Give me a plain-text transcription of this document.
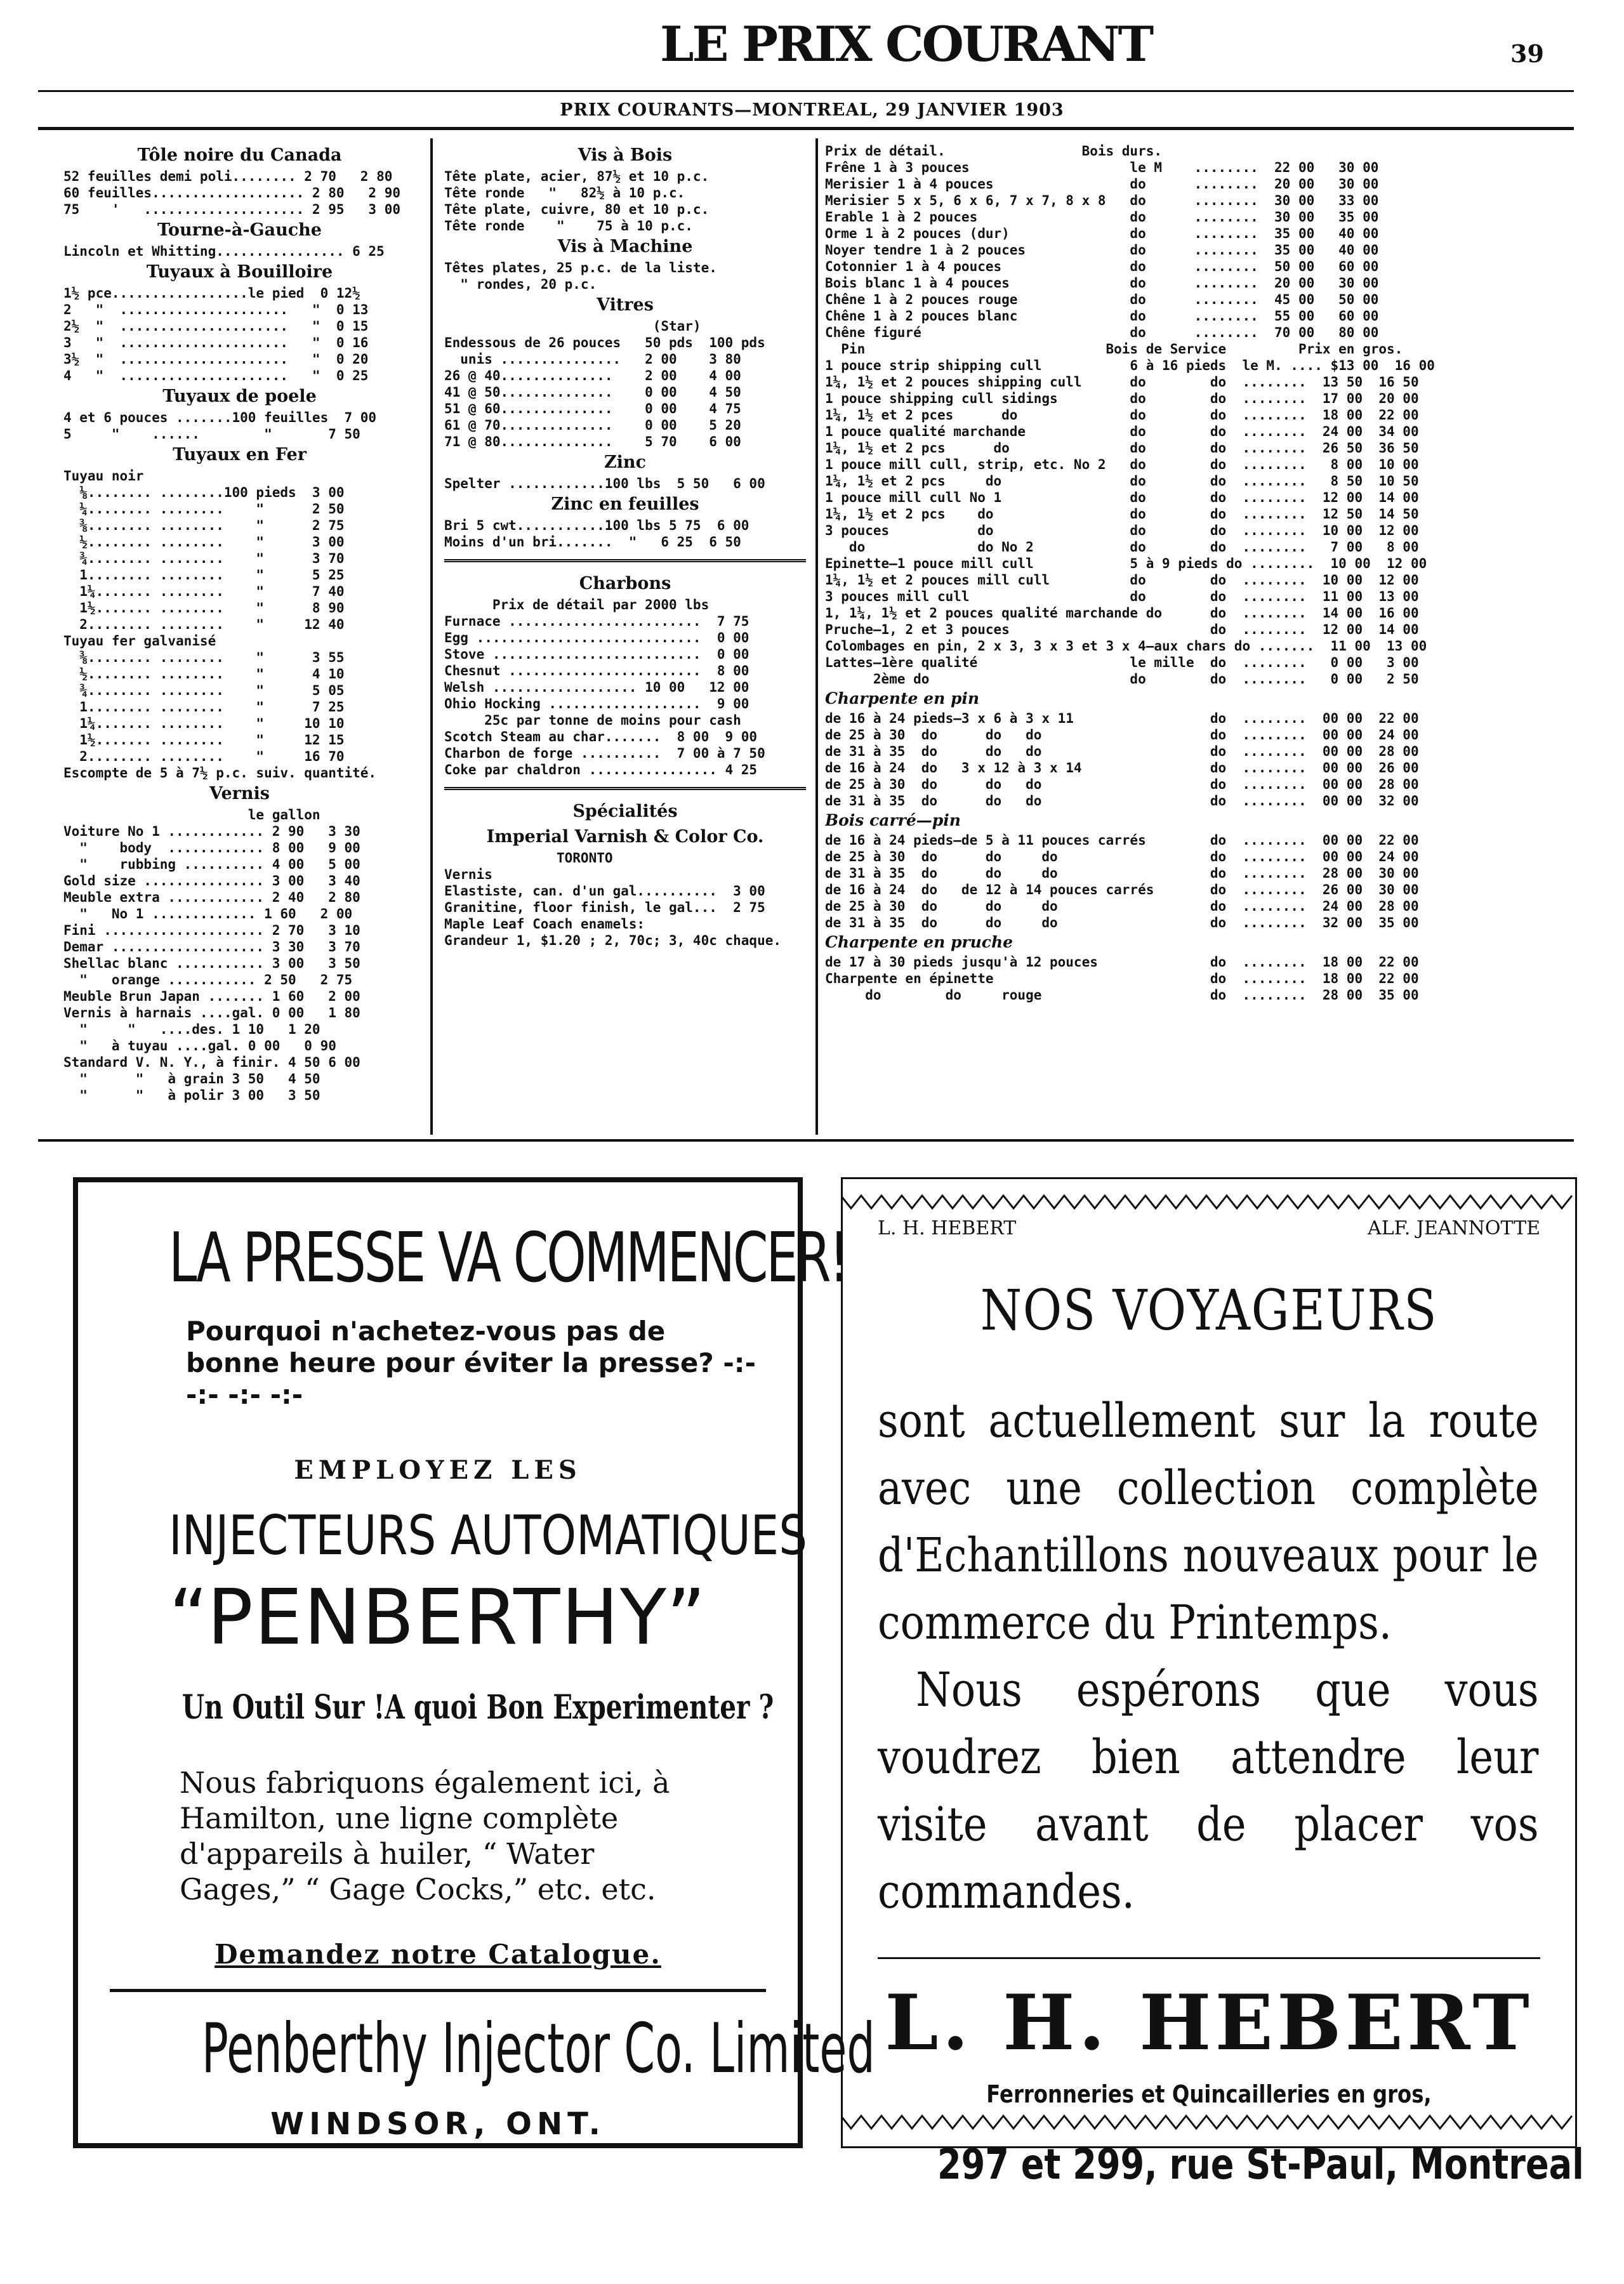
LE PRIX COURANT	39
PRIX COURANTS—MONTREAL, 29 JANVIER 1903
Tôle noire du Canada
52 feuilles demi poli........ 2 70   2 80
60 feuilles................... 2 80   2 90
75    '   .................... 2 95   3 00
Tourne-à-Gauche
Lincoln et Whitting................ 6 25
Tuyaux à Bouilloire
1½ pce.................le pied  0 12½
2   "  .....................   "  0 13
2½  "  .....................   "  0 15
3   "  .....................   "  0 16
3½  "  .....................   "  0 20
4   "  .....................   "  0 25
Tuyaux de poele
4 et 6 pouces .......100 feuilles  7 00
5     "    ......        "       7 50
Tuyaux en Fer
Tuyau noir
⅛........ ........100 pieds  3 00
¼........ ........    "      2 50
⅜........ ........    "      2 75
½........ ........    "      3 00
¾........ ........    "      3 70
1........ ........    "      5 25
1¼....... ........    "      7 40
1½....... ........    "      8 90
2........ ........    "     12 40
Tuyau fer galvanisé
⅜........ ........    "      3 55
½........ ........    "      4 10
¾........ ........    "      5 05
1........ ........    "      7 25
1¼....... ........    "     10 10
1½....... ........    "     12 15
2........ ........    "     16 70
Escompte de 5 à 7½ p.c. suiv. quantité.
Vernis
le gallon
Voiture No 1 ............ 2 90   3 30
"    body  ............ 8 00   9 00
"    rubbing .......... 4 00   5 00
Gold size ............... 3 00   3 40
Meuble extra ............ 2 40   2 80
"   No 1 ............. 1 60   2 00
Fini .................... 2 70   3 10
Demar ................... 3 30   3 70
Shellac blanc ........... 3 00   3 50
"   orange ........... 2 50   2 75
Meuble Brun Japan ....... 1 60   2 00
Vernis à harnais ....gal. 0 00   1 80
"     "   ....des. 1 10   1 20
"   à tuyau ....gal. 0 00   0 90
Standard V. N. Y., à finir. 4 50 6 00
"      "   à grain 3 50   4 50
"      "   à polir 3 00   3 50
Vis à Bois
Tête plate, acier, 87½ et 10 p.c.
Tête ronde   "   82½ à 10 p.c.
Tête plate, cuivre, 80 et 10 p.c.
Tête ronde    "    75 à 10 p.c.
Vis à Machine
Têtes plates, 25 p.c. de la liste.
" rondes, 20 p.c.
Vitres
(Star)
Endessous de 26 pouces   50 pds  100 pds
unis ...............   2 00    3 80
26 @ 40..............    2 00    4 00
41 @ 50..............    0 00    4 50
51 @ 60..............    0 00    4 75
61 @ 70..............    0 00    5 20
71 @ 80..............    5 70    6 00
Zinc
Spelter ............100 lbs  5 50   6 00
Zinc en feuilles
Bri 5 cwt...........100 lbs 5 75  6 00
Moins d'un bri.......  "   6 25  6 50
Charbons
Prix de détail par 2000 lbs
Furnace ........................  7 75
Egg ............................  0 00
Stove ..........................  0 00
Chesnut ........................  8 00
Welsh .................. 10 00   12 00
Ohio Hocking ...................  9 00
25c par tonne de moins pour cash
Scotch Steam au char.......  8 00  9 00
Charbon de forge ..........  7 00 à 7 50
Coke par chaldron ................ 4 25
Spécialités
Imperial Varnish & Color Co.
TORONTO
Vernis
Elastiste, can. d'un gal..........  3 00
Granitine, floor finish, le gal...  2 75
Maple Leaf Coach enamels:
Grandeur 1, $1.20 ; 2, 70c; 3, 40c chaque.
Prix de détail.                 Bois durs.
Frêne 1 à 3 pouces                    le M    ........  22 00   30 00
Merisier 1 à 4 pouces                 do      ........  20 00   30 00
Merisier 5 x 5, 6 x 6, 7 x 7, 8 x 8   do      ........  30 00   33 00
Erable 1 à 2 pouces                   do      ........  30 00   35 00
Orme 1 à 2 pouces (dur)               do      ........  35 00   40 00
Noyer tendre 1 à 2 pouces             do      ........  35 00   40 00
Cotonnier 1 à 4 pouces                do      ........  50 00   60 00
Bois blanc 1 à 4 pouces               do      ........  20 00   30 00
Chêne 1 à 2 pouces rouge              do      ........  45 00   50 00
Chêne 1 à 2 pouces blanc              do      ........  55 00   60 00
Chêne figuré                          do      ........  70 00   80 00
Pin                              Bois de Service         Prix en gros.
1 pouce strip shipping cull           6 à 16 pieds  le M. .... $13 00  16 00
1¼, 1½ et 2 pouces shipping cull      do        do  ........  13 50  16 50
1 pouce shipping cull sidings         do        do  ........  17 00  20 00
1¼, 1½ et 2 pces      do              do        do  ........  18 00  22 00
1 pouce qualité marchande             do        do  ........  24 00  34 00
1¼, 1½ et 2 pcs      do               do        do  ........  26 50  36 50
1 pouce mill cull, strip, etc. No 2   do        do  ........   8 00  10 00
1¼, 1½ et 2 pcs     do                do        do  ........   8 50  10 50
1 pouce mill cull No 1                do        do  ........  12 00  14 00
1¼, 1½ et 2 pcs    do                 do        do  ........  12 50  14 50
3 pouces           do                 do        do  ........  10 00  12 00
do              do No 2            do        do  ........   7 00   8 00
Epinette—1 pouce mill cull            5 à 9 pieds do ........  10 00  12 00
1¼, 1½ et 2 pouces mill cull          do        do  ........  10 00  12 00
3 pouces mill cull                    do        do  ........  11 00  13 00
1, 1¼, 1½ et 2 pouces qualité marchande do      do  ........  14 00  16 00
Pruche—1, 2 et 3 pouces                         do  ........  12 00  14 00
Colombages en pin, 2 x 3, 3 x 3 et 3 x 4—aux chars do .......  11 00  13 00
Lattes—1ère qualité                   le mille  do  ........   0 00   3 00
2ème do                         do        do  ........   0 00   2 50
Charpente en pin
de 16 à 24 pieds—3 x 6 à 3 x 11                 do  ........  00 00  22 00
de 25 à 30  do      do   do                     do  ........  00 00  24 00
de 31 à 35  do      do   do                     do  ........  00 00  28 00
de 16 à 24  do   3 x 12 à 3 x 14                do  ........  00 00  26 00
de 25 à 30  do      do   do                     do  ........  00 00  28 00
de 31 à 35  do      do   do                     do  ........  00 00  32 00
Bois carré—pin
de 16 à 24 pieds—de 5 à 11 pouces carrés        do  ........  00 00  22 00
de 25 à 30  do      do     do                   do  ........  00 00  24 00
de 31 à 35  do      do     do                   do  ........  28 00  30 00
de 16 à 24  do   de 12 à 14 pouces carrés       do  ........  26 00  30 00
de 25 à 30  do      do     do                   do  ........  24 00  28 00
de 31 à 35  do      do     do                   do  ........  32 00  35 00
Charpente en pruche
de 17 à 30 pieds jusqu'à 12 pouces              do  ........  18 00  22 00
Charpente en épinette                           do  ........  18 00  22 00
do        do     rouge                     do  ........  28 00  35 00
LA PRESSE VA COMMENCER!
Pourquoi n'achetez-vous pas de bonne heure pour éviter la presse? -:- -:- -:- -:-
EMPLOYEZ LES
INJECTEURS AUTOMATIQUES
“PENBERTHY”
Un Outil Sur ! A quoi Bon Experimenter ?
Nous fabriquons également ici, à Hamilton, une ligne complète d'appareils à huiler, “ Water Gages,” “ Gage Cocks,” etc. etc.
Demandez notre Catalogue.
Penberthy Injector Co. Limited
WINDSOR, ONT.
L. H. HEBERT	ALF. JEANNOTTE
NOS VOYAGEURS
sont actuellement sur la route avec une collection complète d'Echantillons nouveaux pour le commerce du Printemps.
Nous espérons que vous voudrez bien attendre leur visite avant de placer vos commandes.
L. H. HEBERT
Ferronneries et Quincailleries en gros,
297 et 299, rue St-Paul, Montreal
